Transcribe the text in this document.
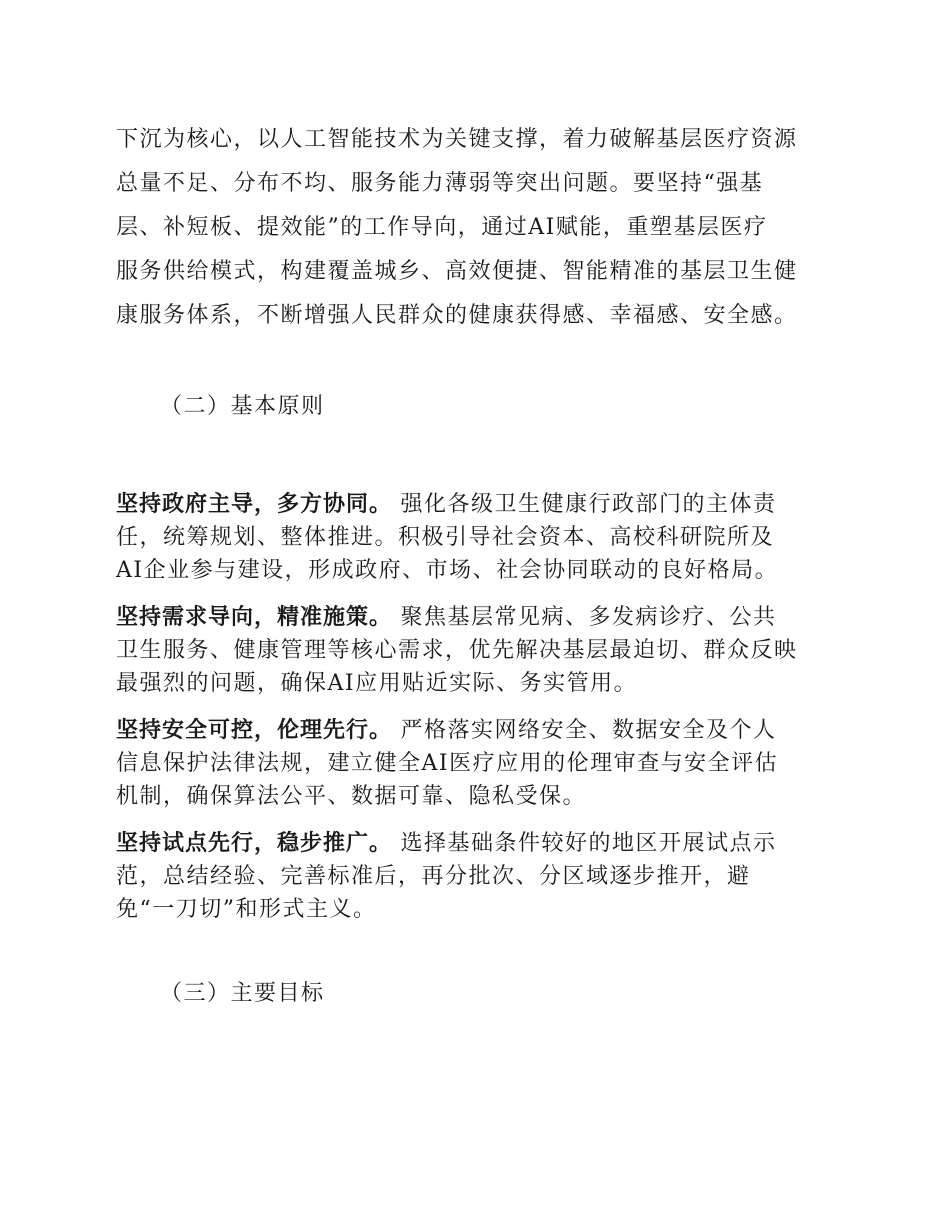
下沉为核心，以人工智能技术为关键支撑，着力破解基层医疗资源
总量不足、分布不均、服务能力薄弱等突出问题。要坚持“强基
层、补短板、提效能”的工作导向，通过AI赋能，重塑基层医疗
服务供给模式，构建覆盖城乡、高效便捷、智能精准的基层卫生健
康服务体系，不断增强人民群众的健康获得感、幸福感、安全感。
（二）基本原则
坚持政府主导，多方协同。 强化各级卫生健康行政部门的主体责
任，统筹规划、整体推进。积极引导社会资本、高校科研院所及
AI企业参与建设，形成政府、市场、社会协同联动的良好格局。
坚持需求导向，精准施策。 聚焦基层常见病、多发病诊疗、公共
卫生服务、健康管理等核心需求，优先解决基层最迫切、群众反映
最强烈的问题，确保AI应用贴近实际、务实管用。
坚持安全可控，伦理先行。 严格落实网络安全、数据安全及个人
信息保护法律法规，建立健全AI医疗应用的伦理审查与安全评估
机制，确保算法公平、数据可靠、隐私受保。
坚持试点先行，稳步推广。 选择基础条件较好的地区开展试点示
范，总结经验、完善标准后，再分批次、分区域逐步推开，避
免“一刀切”和形式主义。
（三）主要目标
